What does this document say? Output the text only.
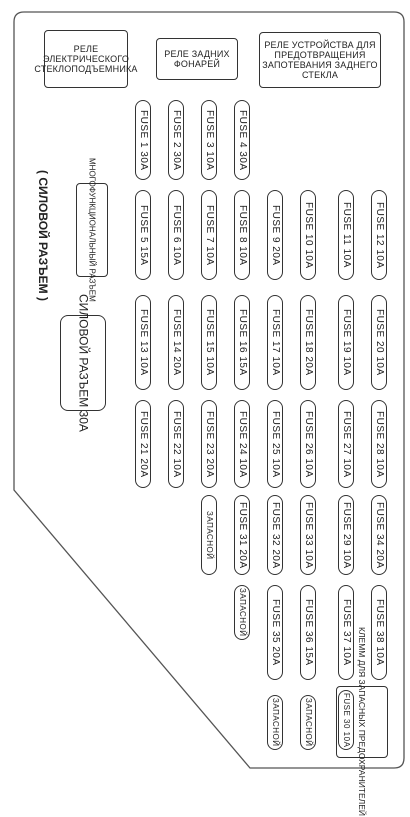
РЕЛЕ ЭЛЕКТРИЧЕСКОГО СТЕКЛОПОДЪЕМНИКА
РЕЛЕ ЗАДНИХ ФОНАРЕЙ
РЕЛЕ УСТРОЙСТВА ДЛЯ ПРЕДОТВРАЩЕНИЯ ЗАПОТЕВАНИЯ ЗАДНЕГО СТЕКЛА
( СИЛОВОЙ РАЗЪЕМ )	МНОГОФУНКЦИОНАЛЬНЫЙ РАЗЪЕМ
СИЛОВОЙ РАЗЪЕМ 30А
КЛЕММ ДЛЯ ЗАПАСНЫХ ПРЕДОХРАНИТЕЛЕЙ
FUSE 1 30A
FUSE 5 15A
FUSE 13 10A
FUSE 21 20A
FUSE 2 30A
FUSE 6 10A
FUSE 14 20A
FUSE 22 10A
FUSE 3 10A
FUSE 7 10A
FUSE 15 10A
FUSE 23 20A
ЗАПАСНОЙ
FUSE 4 30A
FUSE 8 10A
FUSE 16 15A
FUSE 24 10A
FUSE 31 20A
ЗАПАСНОЙ
FUSE 9 20A
FUSE 17 10A
FUSE 25 10A
FUSE 32 20A
FUSE 35 20A
ЗАПАСНОЙ
FUSE 10 10A
FUSE 18 20A
FUSE 26 10A
FUSE 33 10A
FUSE 36 15A
ЗАПАСНОЙ
FUSE 11 10A
FUSE 19 10A
FUSE 27 10A
FUSE 29 10A
FUSE 37 10A
FUSE 12 10A
FUSE 20 10A
FUSE 28 10A
FUSE 34 20A
FUSE 38 10A
FUSE 30 10A
